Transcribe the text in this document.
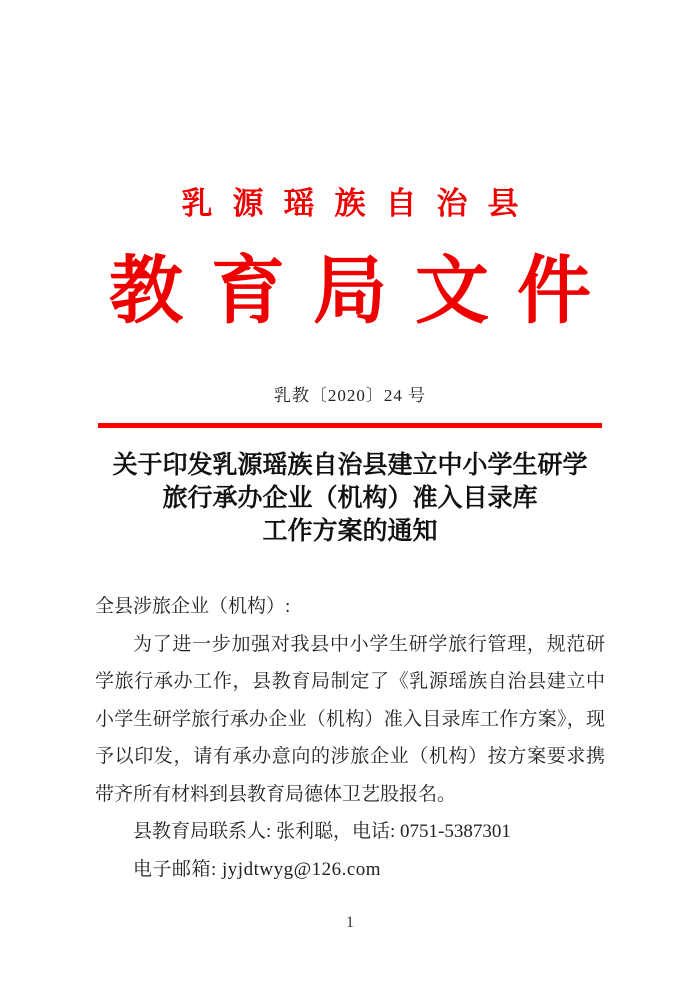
乳源瑶族自治县
教育局文件
乳教〔2020〕24 号
关于印发乳源瑶族自治县建立中小学生研学
旅行承办企业（机构）准入目录库
工作方案的通知
全县涉旅企业（机构）:
为了进一步加强对我县中小学生研学旅行管理，规范研学旅行承办工作，县教育局制定了《乳源瑶族自治县建立中小学生研学旅行承办企业（机构）准入目录库工作方案》，现予以印发，请有承办意向的涉旅企业（机构）按方案要求携带齐所有材料到县教育局德体卫艺股报名。
县教育局联系人: 张利聪，电话: 0751-5387301
电子邮箱: jyjdtwyg@126.com
1
